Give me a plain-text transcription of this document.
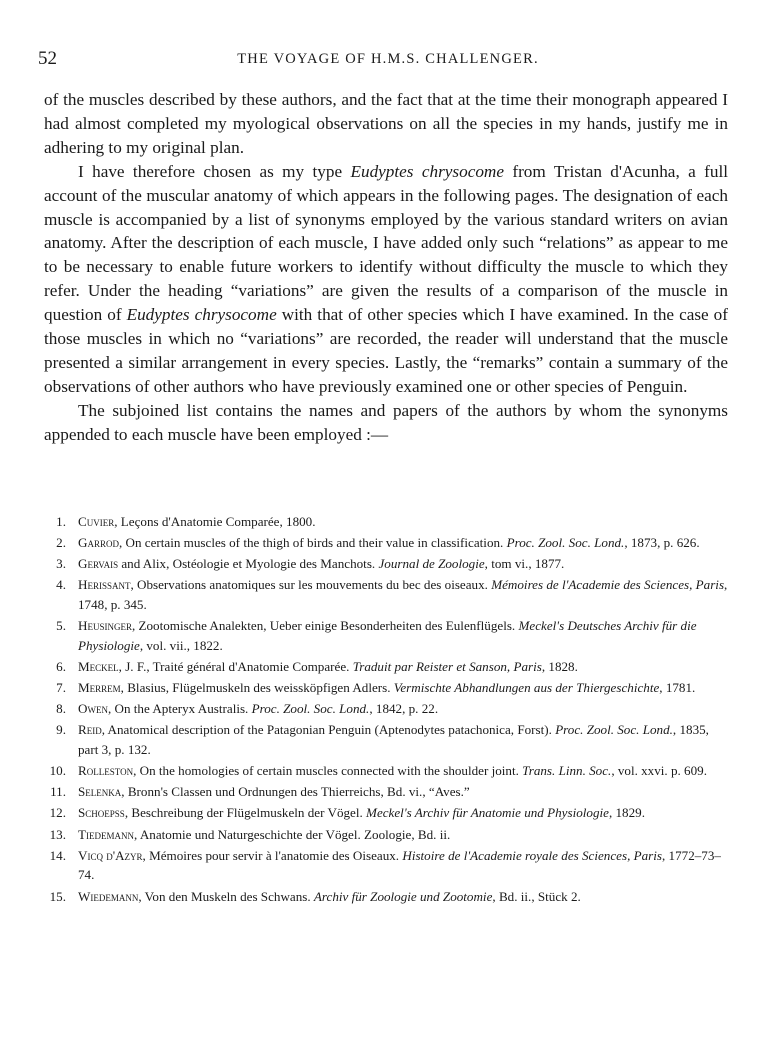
52	THE VOYAGE OF H.M.S. CHALLENGER.

of the muscles described by these authors, and the fact that at the time their monograph appeared I had almost completed my myological observations on all the species in my hands, justify me in adhering to my original plan.

I have therefore chosen as my type Eudyptes chrysocome from Tristan d'Acunha, a full account of the muscular anatomy of which appears in the following pages. The designation of each muscle is accompanied by a list of synonyms employed by the various standard writers on avian anatomy. After the description of each muscle, I have added only such “relations” as appear to me to be necessary to enable future workers to identify without difficulty the muscle to which they refer. Under the heading “variations” are given the results of a comparison of the muscle in question of Eudyptes chrysocome with that of other species which I have examined. In the case of those muscles in which no “variations” are recorded, the reader will understand that the muscle presented a similar arrangement in every species. Lastly, the “remarks” contain a summary of the observations of other authors who have previously examined one or other species of Penguin.

The subjoined list contains the names and papers of the authors by whom the synonyms appended to each muscle have been employed :—

1. Cuvier, Leçons d'Anatomie Comparée, 1800.
2. Garrod, On certain muscles of the thigh of birds and their value in classification. Proc. Zool. Soc. Lond., 1873, p. 626.
3. Gervais and Alix, Ostéologie et Myologie des Manchots. Journal de Zoologie, tom vi., 1877.
4. Herissant, Observations anatomiques sur les mouvements du bec des oiseaux. Mémoires de l'Academie des Sciences, Paris, 1748, p. 345.
5. Heusinger, Zootomische Analekten, Ueber einige Besonderheiten des Eulenflügels. Meckel's Deutsches Archiv für die Physiologie, vol. vii., 1822.
6. Meckel, J. F., Traité général d'Anatomie Comparée. Traduit par Reister et Sanson, Paris, 1828.
7. Merrem, Blasius, Flügelmuskeln des weissköpfigen Adlers. Vermischte Abhandlungen aus der Thiergeschichte, 1781.
8. Owen, On the Apteryx Australis. Proc. Zool. Soc. Lond., 1842, p. 22.
9. Reid, Anatomical description of the Patagonian Penguin (Aptenodytes patachonica, Forst). Proc. Zool. Soc. Lond., 1835, part 3, p. 132.
10. Rolleston, On the homologies of certain muscles connected with the shoulder joint. Trans. Linn. Soc., vol. xxvi. p. 609.
11. Selenka, Bronn's Classen und Ordnungen des Thierreichs, Bd. vi., “Aves.”
12. Schoepss, Beschreibung der Flügelmuskeln der Vögel. Meckel's Archiv für Anatomie und Physiologie, 1829.
13. Tiedemann, Anatomie und Naturgeschichte der Vögel. Zoologie, Bd. ii.
14. Vicq d'Azyr, Mémoires pour servir à l'anatomie des Oiseaux. Histoire de l'Academie royale des Sciences, Paris, 1772–73–74.
15. Wiedemann, Von den Muskeln des Schwans. Archiv für Zoologie und Zootomie, Bd. ii., Stück 2.
